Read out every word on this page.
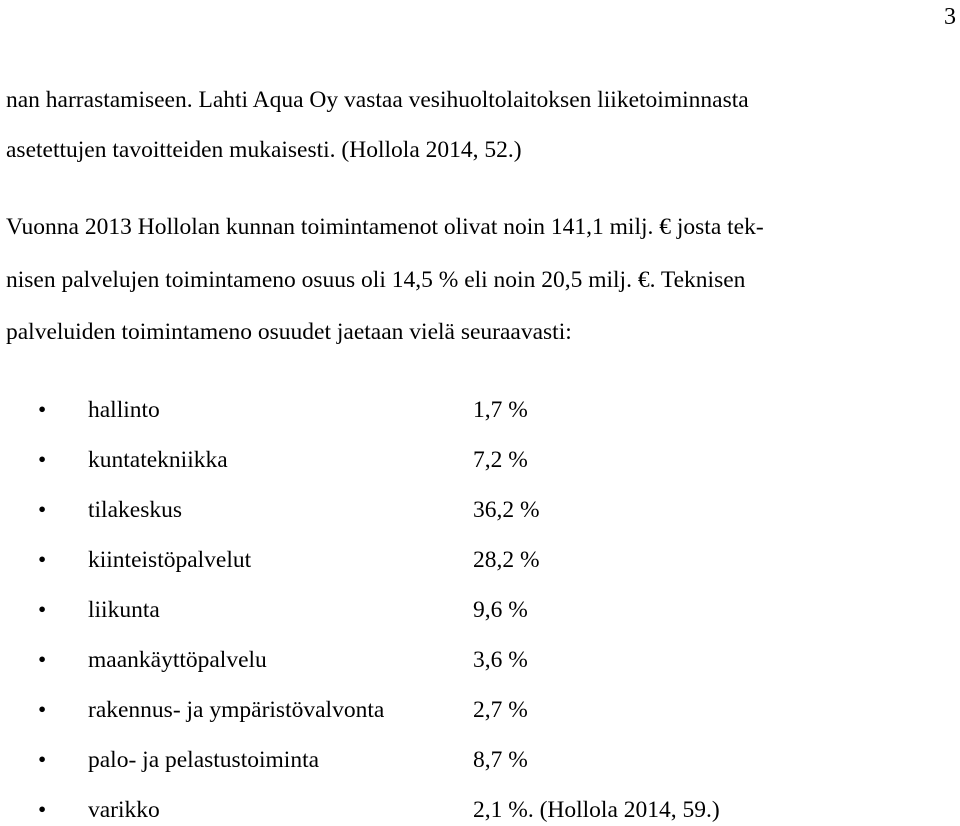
3
nan harrastamiseen. Lahti Aqua Oy vastaa vesihuoltolaitoksen liiketoiminnasta
asetettujen tavoitteiden mukaisesti. (Hollola 2014, 52.)
Vuonna 2013 Hollolan kunnan toimintamenot olivat noin 141,1 milj. € josta tek-
nisen palvelujen toimintameno osuus oli 14,5 % eli noin 20,5 milj. €. Teknisen
palveluiden toimintameno osuudet jaetaan vielä seuraavasti:
• hallinto	1,7 %
• kuntatekniikka	7,2 %
• tilakeskus	36,2 %
• kiinteistöpalvelut	28,2 %
• liikunta	9,6 %
• maankäyttöpalvelu	3,6 %
• rakennus- ja ympäristövalvonta	2,7 %
• palo- ja pelastustoiminta	8,7 %
• varikko	2,1 %. (Hollola 2014, 59.)
